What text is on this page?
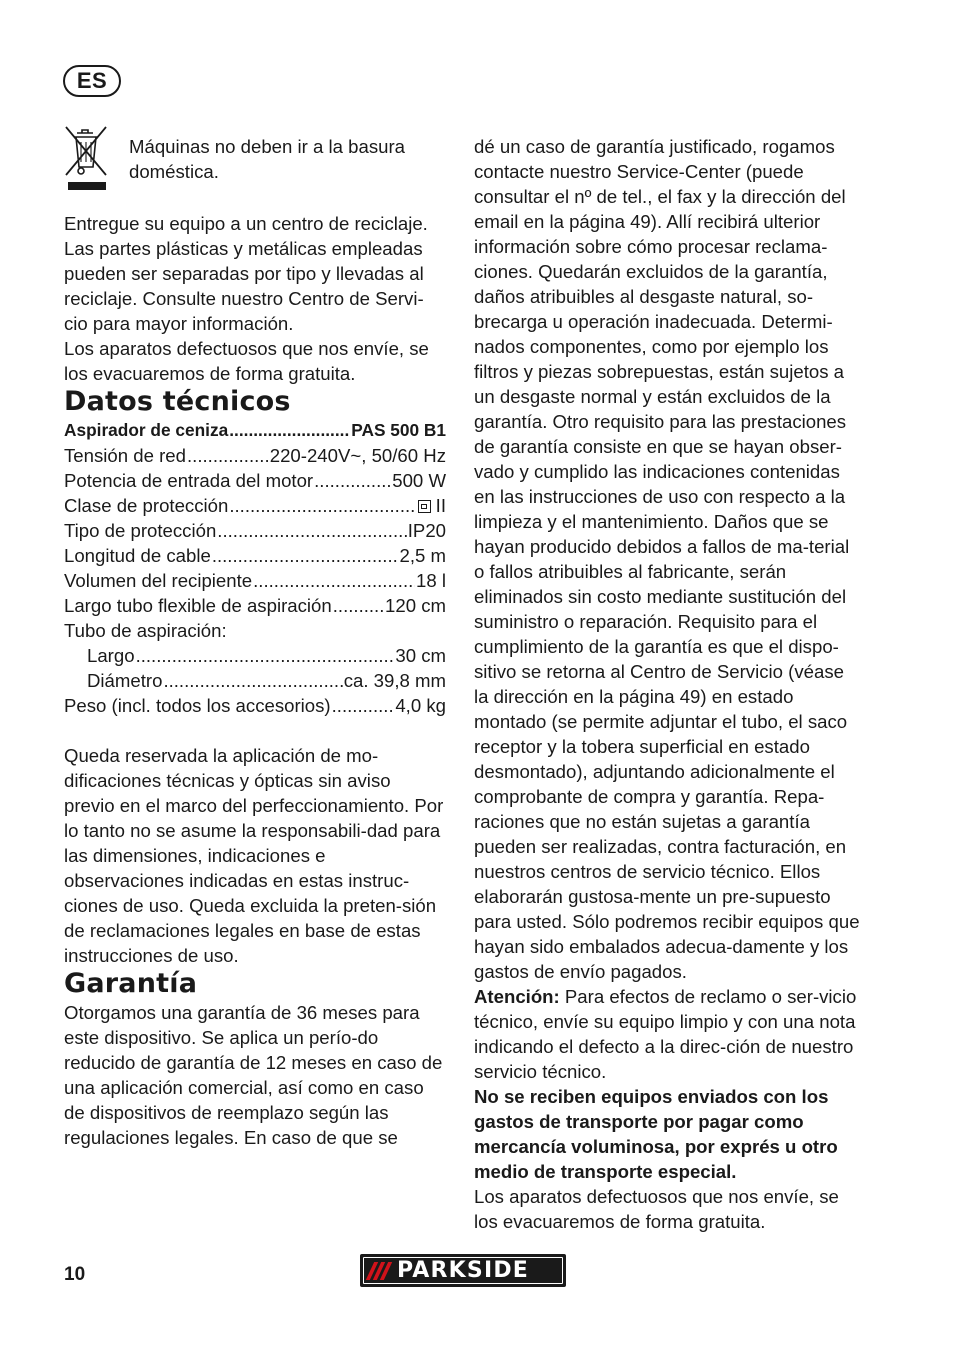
ES

Máquinas no deben ir a la basura doméstica.

Entregue su equipo a un centro de reciclaje. Las partes plásticas y metálicas empleadas pueden ser separadas por tipo y llevadas al reciclaje. Consulte nuestro Centro de Servi-cio para mayor información.

Los aparatos defectuosos que nos envíe, se los evacuaremos de forma gratuita.

Datos técnicos
Aspirador de ceniza .....	PAS 500 B1
Tensión de red .....	220-240V~, 50/60 Hz
Potencia de entrada del motor .....	500 W
Clase de protección .....	II
Tipo de protección .....	IP20
Longitud de cable .....	2,5 m
Volumen del recipiente .....	18 l
Largo tubo flexible de aspiración .....	120 cm
Tubo de aspiración:
Largo .....	30 cm
Diámetro .....	ca. 39,8 mm
Peso (incl. todos los accesorios) .....	4,0 kg

Queda reservada la aplicación de mo-dificaciones técnicas y ópticas sin aviso previo en el marco del perfeccionamiento. Por lo tanto no se asume la responsabili-dad para las dimensiones, indicaciones e observaciones indicadas en estas instruc-ciones de uso. Queda excluida la preten-sión de reclamaciones legales en base de estas instrucciones de uso.

Garantía

Otorgamos una garantía de 36 meses para este dispositivo. Se aplica un perío-do reducido de garantía de 12 meses en caso de una aplicación comercial, así como en caso de dispositivos de reemplazo según las regulaciones legales. En caso de que se

dé un caso de garantía justificado, rogamos contacte nuestro Service-Center (puede consultar el nº de tel., el fax y la dirección del email en la página 49). Allí recibirá ulterior información sobre cómo procesar reclama-ciones. Quedarán excluidos de la garantía, daños atribuibles al desgaste natural, so-brecarga u operación inadecuada. Determi-nados componentes, como por ejemplo los filtros y piezas sobrepuestas, están sujetos a un desgaste normal y están excluidos de la garantía. Otro requisito para las prestaciones de garantía consiste en que se hayan obser-vado y cumplido las indicaciones contenidas en las instrucciones de uso con respecto a la limpieza y el mantenimiento. Daños que se hayan producido debidos a fallos de ma-terial o fallos atribuibles al fabricante, serán eliminados sin costo mediante sustitución del suministro o reparación. Requisito para el cumplimiento de la garantía es que el dispo-sitivo se retorna al Centro de Servicio (véase la dirección en la página 49) en estado montado (se permite adjuntar el tubo, el saco receptor y la tobera superficial en estado desmontado), adjuntando adicionalmente el comprobante de compra y garantía. Repa-raciones que no están sujetas a garantía pueden ser realizadas, contra facturación, en nuestros centros de servicio técnico. Ellos elaborarán gustosa-mente un pre-supuesto para usted. Sólo podremos recibir equipos que hayan sido embalados adecua-damente y los gastos de envío pagados.

Atención: Para efectos de reclamo o ser-vicio técnico, envíe su equipo limpio y con una nota indicando el defecto a la direc-ción de nuestro servicio técnico.

No se reciben equipos enviados con los gastos de transporte por pagar como mercancía voluminosa, por exprés u otro medio de transporte especial.

Los aparatos defectuosos que nos envíe, se los evacuaremos de forma gratuita.

10	PARKSIDE
